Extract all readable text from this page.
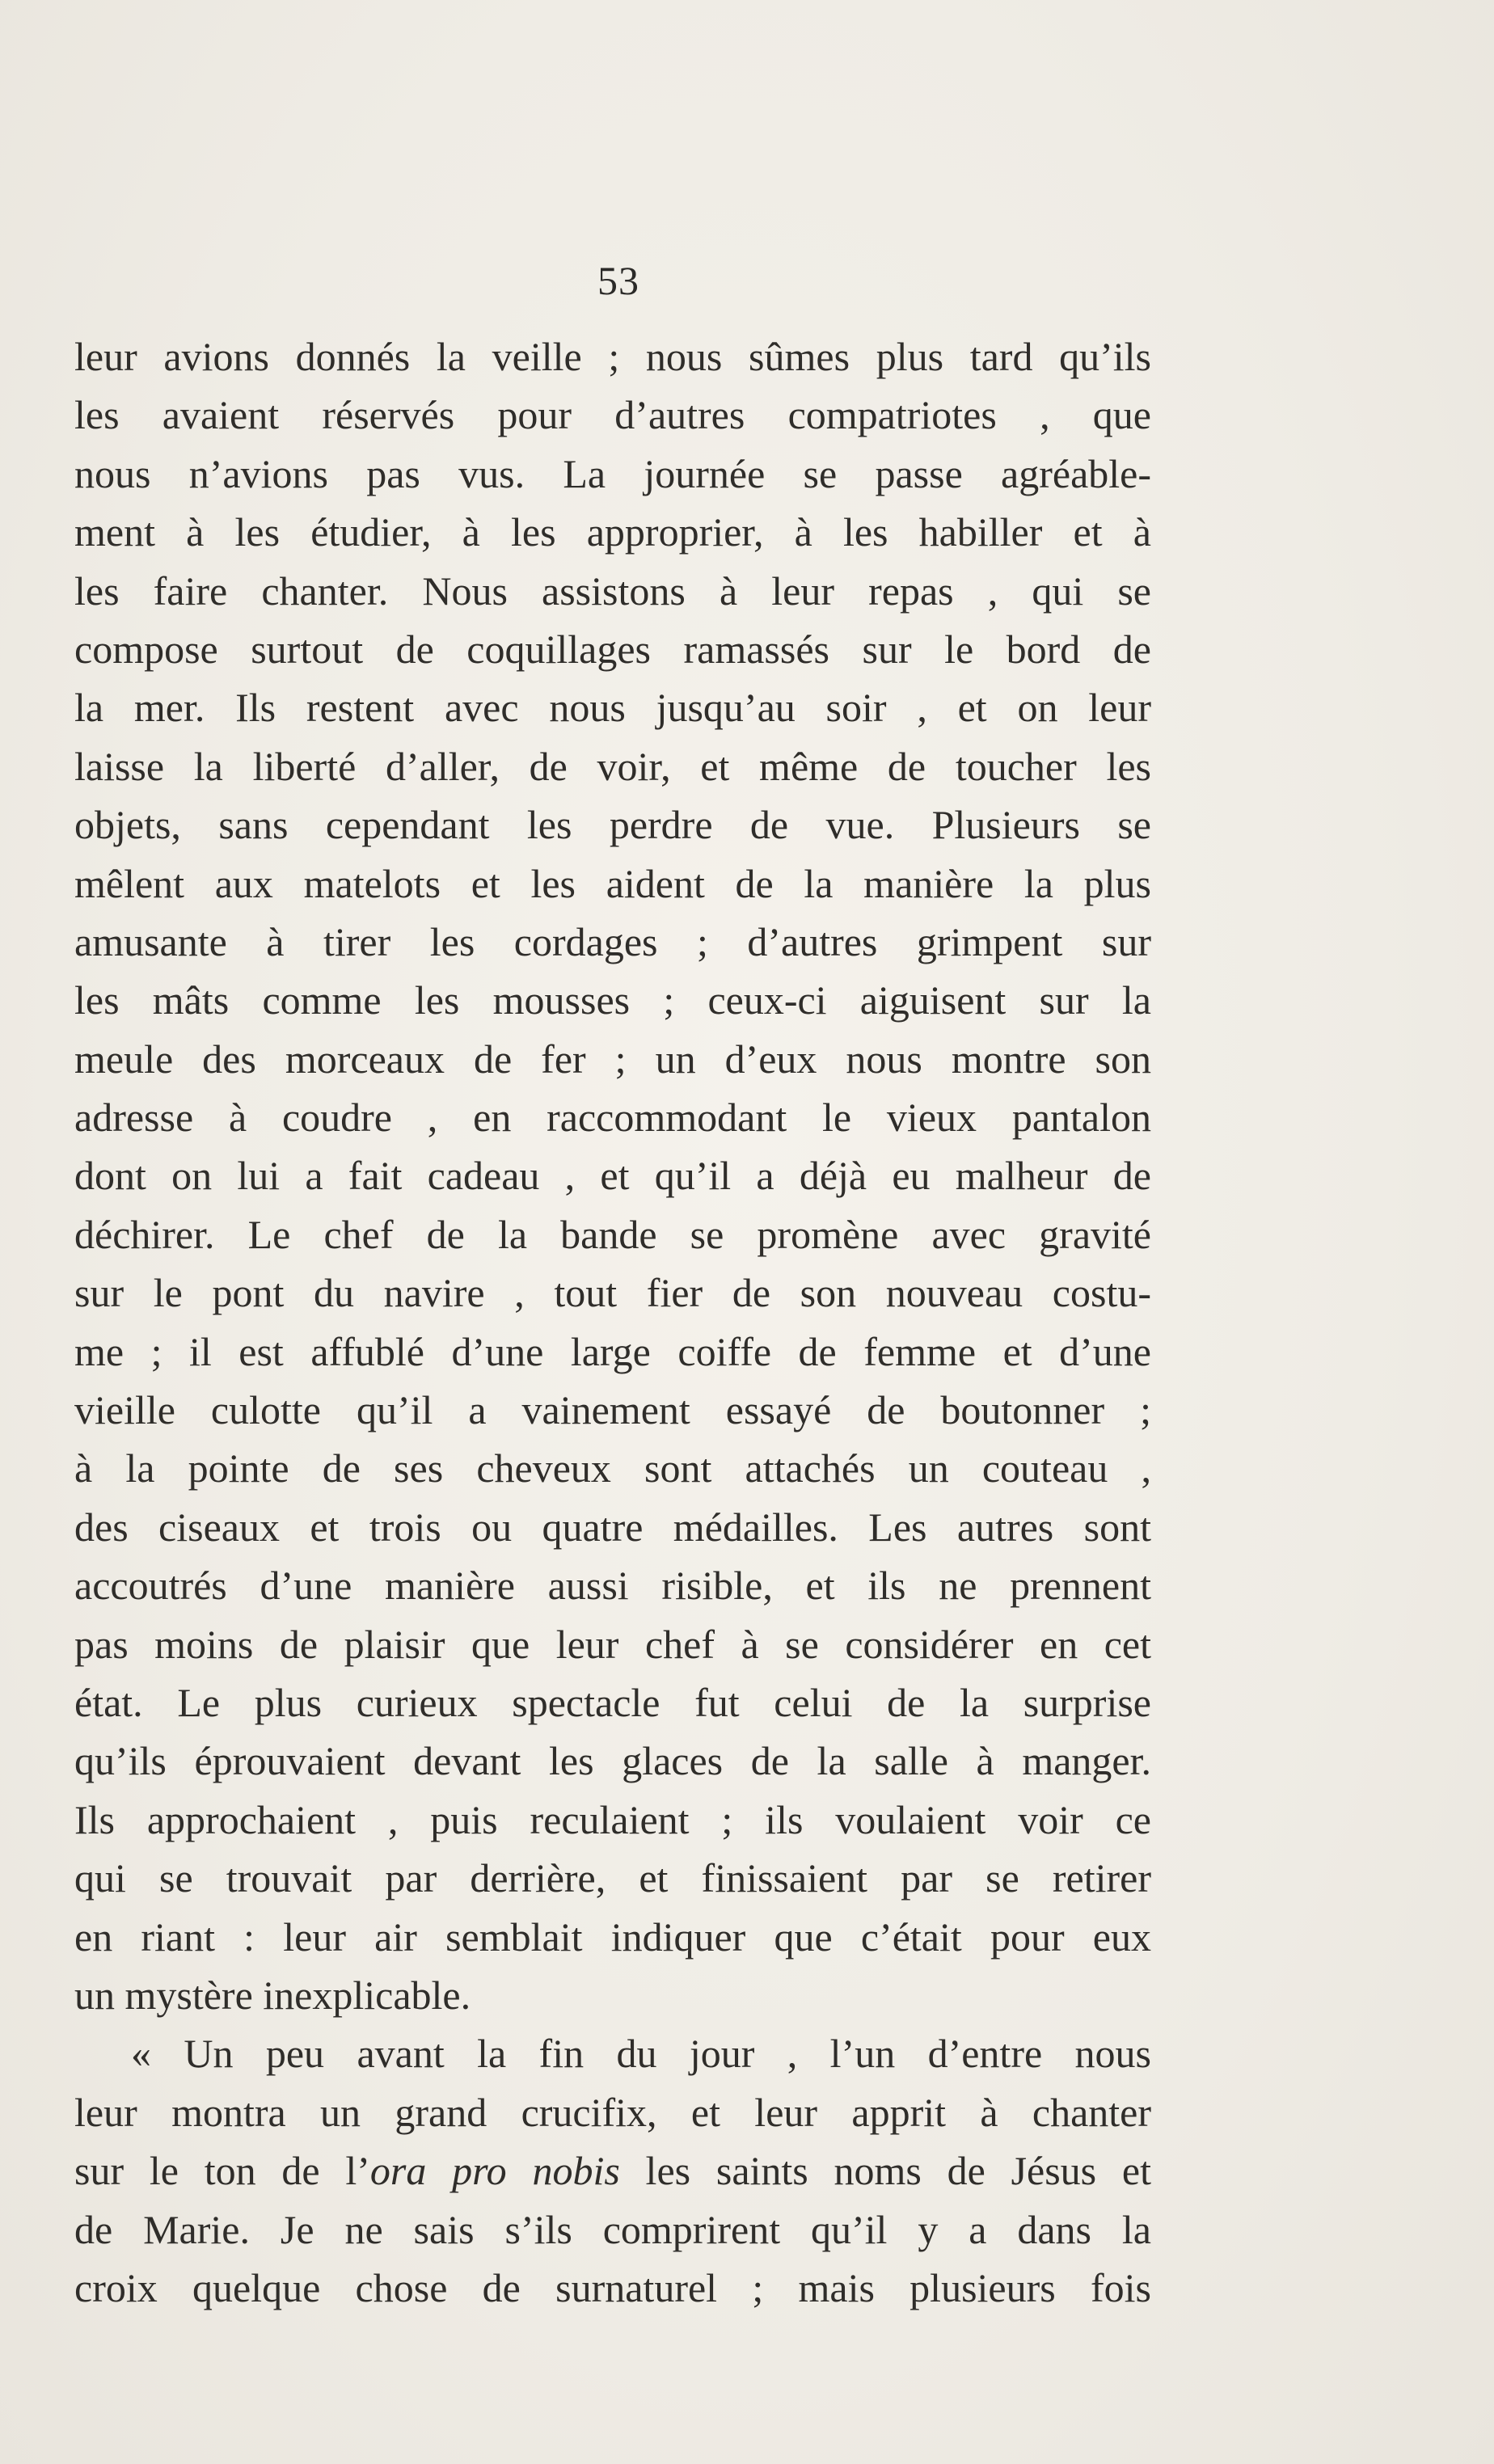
53
leur avions donnés la veille ; nous sûmes plus tard qu’ils
les avaient réservés pour d’autres compatriotes , que
nous n’avions pas vus. La journée se passe agréable-
ment à les étudier, à les approprier, à les habiller et à
les faire chanter. Nous assistons à leur repas , qui se
compose surtout de coquillages ramassés sur le bord de
la mer. Ils restent avec nous jusqu’au soir , et on leur
laisse la liberté d’aller, de voir, et même de toucher les
objets, sans cependant les perdre de vue. Plusieurs se
mêlent aux matelots et les aident de la manière la plus
amusante à tirer les cordages ; d’autres grimpent sur
les mâts comme les mousses ; ceux-ci aiguisent sur la
meule des morceaux de fer ; un d’eux nous montre son
adresse à coudre , en raccommodant le vieux pantalon
dont on lui a fait cadeau , et qu’il a déjà eu malheur de
déchirer. Le chef de la bande se promène avec gravité
sur le pont du navire , tout fier de son nouveau costu-
me ; il est affublé d’une large coiffe de femme et d’une
vieille culotte qu’il a vainement essayé de boutonner ;
à la pointe de ses cheveux sont attachés un couteau ,
des ciseaux et trois ou quatre médailles. Les autres sont
accoutrés d’une manière aussi risible, et ils ne prennent
pas moins de plaisir que leur chef à se considérer en cet
état. Le plus curieux spectacle fut celui de la surprise
qu’ils éprouvaient devant les glaces de la salle à manger.
Ils approchaient , puis reculaient ; ils voulaient voir ce
qui se trouvait par derrière, et finissaient par se retirer
en riant : leur air semblait indiquer que c’était pour eux
un mystère inexplicable.
« Un peu avant la fin du jour , l’un d’entre nous
leur montra un grand crucifix, et leur apprit à chanter
sur le ton de l’ora pro nobis les saints noms de Jésus et
de Marie. Je ne sais s’ils comprirent qu’il y a dans la
croix quelque chose de surnaturel ; mais plusieurs fois
